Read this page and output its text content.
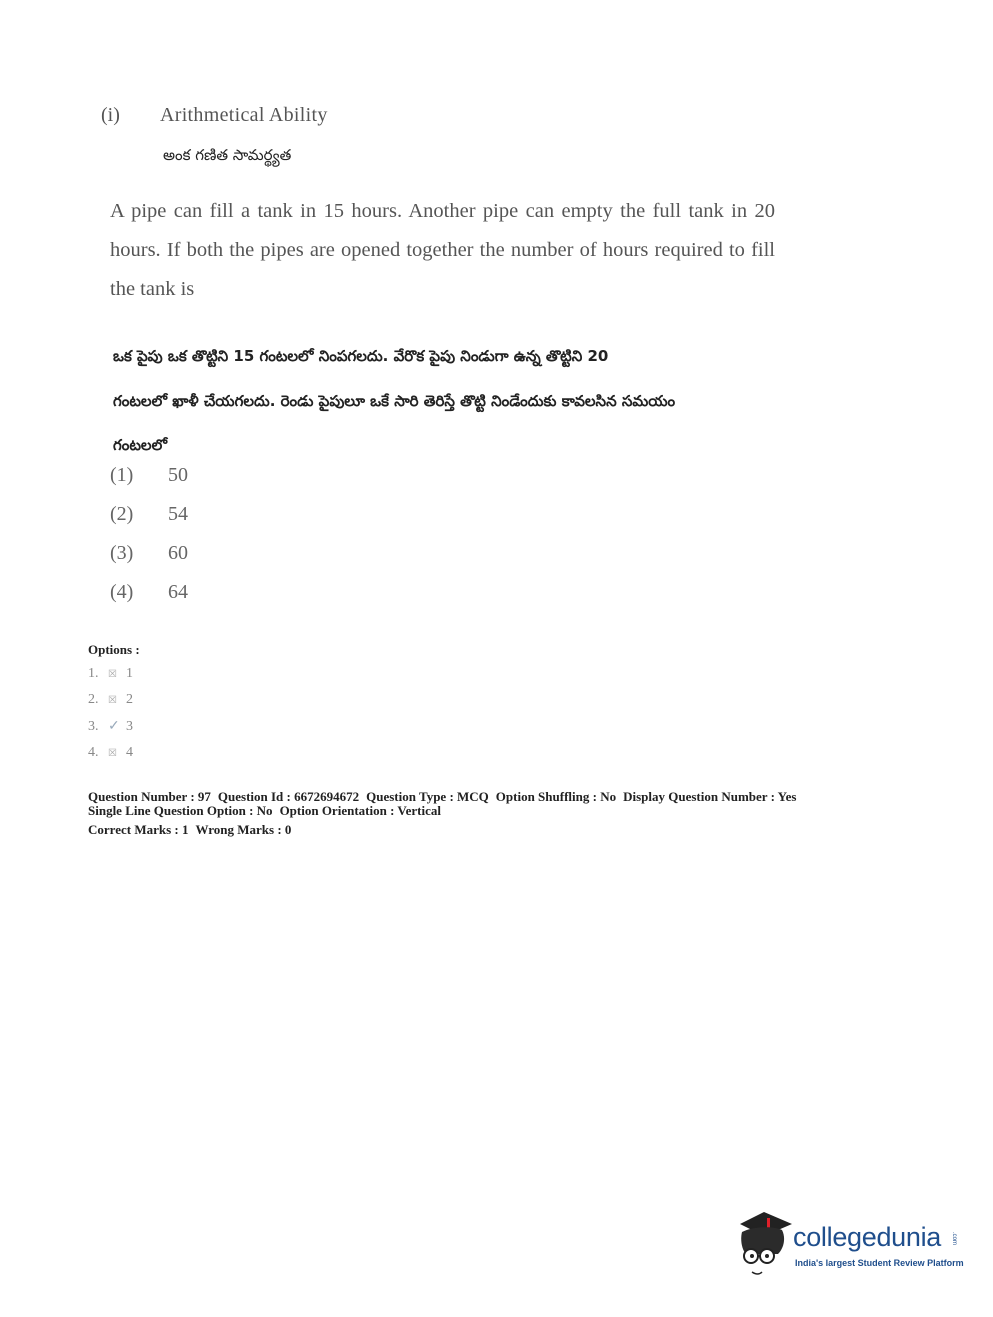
(i) Arithmetical Ability
అంక గణిత సామర్థ్యత
A pipe can fill a tank in 15 hours. Another pipe can empty the full tank in 20 hours. If both the pipes are opened together the number of hours required to fill the tank is
ఒక పైపు ఒక తొట్టిని 15 గంటలలో నింపగలదు. వేరొక పైపు నిండుగా ఉన్న తొట్టిని 20
గంటలలో ఖాళీ చేయగలదు. రెండు పైపులూ ఒకే సారి తెరిస్తే తొట్టి నిండేందుకు కావలసిన సమయం
గంటలలో
(1)	50
(2)	54
(3)	60
(4)	64
Options :
1. ☒ 1
2. ☒ 2
3. ✓ 3
4. ☒ 4
Question Number : 97 Question Id : 6672694672 Question Type : MCQ Option Shuffling : No Display Question Number : Yes
Single Line Question Option : No Option Orientation : Vertical
Correct Marks : 1 Wrong Marks : 0
collegedunia .com
India's largest Student Review Platform
